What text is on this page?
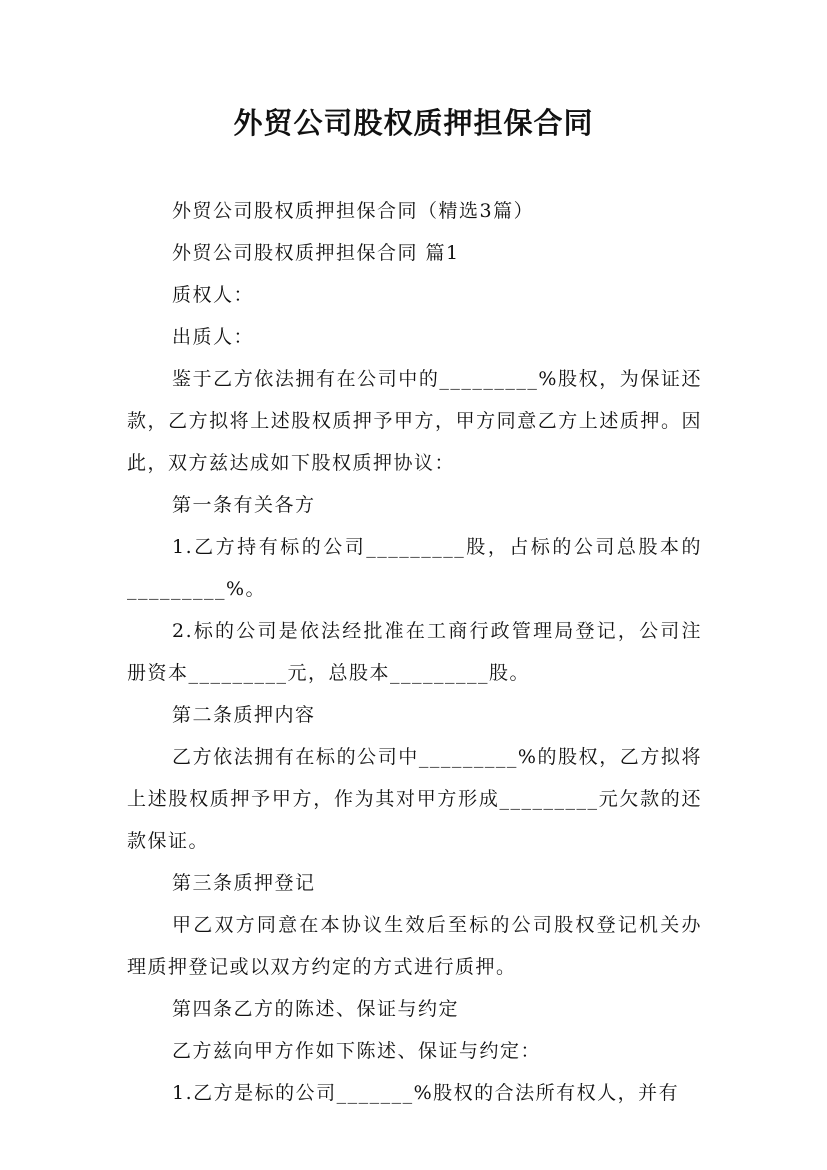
外贸公司股权质押担保合同

外贸公司股权质押担保合同（精选3篇）

外贸公司股权质押担保合同 篇1

质权人：

出质人：

鉴于乙方依法拥有在公司中的_________%股权，为保证还款，乙方拟将上述股权质押予甲方，甲方同意乙方上述质押。因此，双方兹达成如下股权质押协议：

第一条有关各方

1.乙方持有标的公司_________股，占标的公司总股本的_________%。

2.标的公司是依法经批准在工商行政管理局登记，公司注册资本_________元，总股本_________股。

第二条质押内容

乙方依法拥有在标的公司中_________%的股权，乙方拟将上述股权质押予甲方，作为其对甲方形成_________元欠款的还款保证。

第三条质押登记

甲乙双方同意在本协议生效后至标的公司股权登记机关办理质押登记或以双方约定的方式进行质押。

第四条乙方的陈述、保证与约定

乙方兹向甲方作如下陈述、保证与约定：

1.乙方是标的公司_______%股权的合法所有权人，并有
